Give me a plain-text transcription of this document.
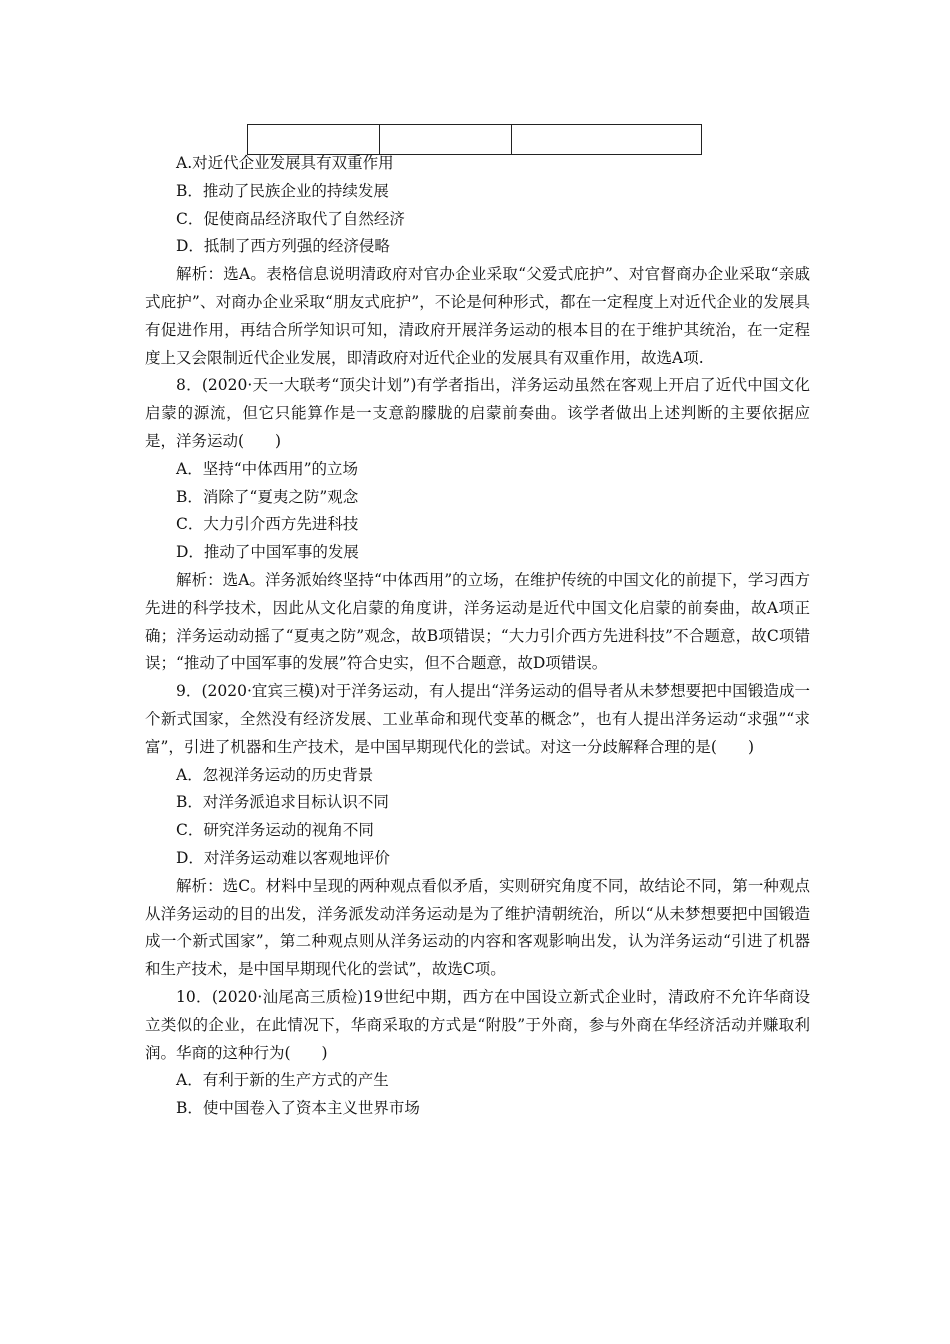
A.对近代企业发展具有双重作用

B．推动了民族企业的持续发展

C．促使商品经济取代了自然经济

D．抵制了西方列强的经济侵略

解析：选A。表格信息说明清政府对官办企业采取“父爱式庇护”、对官督商办企业采取“亲戚式庇护”、对商办企业采取“朋友式庇护”，不论是何种形式，都在一定程度上对近代企业的发展具有促进作用，再结合所学知识可知，清政府开展洋务运动的根本目的在于维护其统治，在一定程度上又会限制近代企业发展，即清政府对近代企业的发展具有双重作用，故选A项.

8．(2020·天一大联考“顶尖计划”)有学者指出，洋务运动虽然在客观上开启了近代中国文化启蒙的源流，但它只能算作是一支意韵朦胧的启蒙前奏曲。该学者做出上述判断的主要依据应是，洋务运动(　　)

A．坚持“中体西用”的立场

B．消除了“夏夷之防”观念

C．大力引介西方先进科技

D．推动了中国军事的发展

解析：选A。洋务派始终坚持“中体西用”的立场，在维护传统的中国文化的前提下，学习西方先进的科学技术，因此从文化启蒙的角度讲，洋务运动是近代中国文化启蒙的前奏曲，故A项正确；洋务运动动摇了“夏夷之防”观念，故B项错误；“大力引介西方先进科技”不合题意，故C项错误；“推动了中国军事的发展”符合史实，但不合题意，故D项错误。

9．(2020·宜宾三模)对于洋务运动，有人提出“洋务运动的倡导者从未梦想要把中国锻造成一个新式国家，全然没有经济发展、工业革命和现代变革的概念”，也有人提出洋务运动“求强”“求富”，引进了机器和生产技术，是中国早期现代化的尝试。对这一分歧解释合理的是(　　)

A．忽视洋务运动的历史背景

B．对洋务派追求目标认识不同

C．研究洋务运动的视角不同

D．对洋务运动难以客观地评价

解析：选C。材料中呈现的两种观点看似矛盾，实则研究角度不同，故结论不同，第一种观点从洋务运动的目的出发，洋务派发动洋务运动是为了维护清朝统治，所以“从未梦想要把中国锻造成一个新式国家”，第二种观点则从洋务运动的内容和客观影响出发，认为洋务运动“引进了机器和生产技术，是中国早期现代化的尝试”，故选C项。

10．(2020·汕尾高三质检)19世纪中期，西方在中国设立新式企业时，清政府不允许华商设立类似的企业，在此情况下，华商采取的方式是“附股”于外商，参与外商在华经济活动并赚取利润。华商的这种行为(　　)

A．有利于新的生产方式的产生

B．使中国卷入了资本主义世界市场
